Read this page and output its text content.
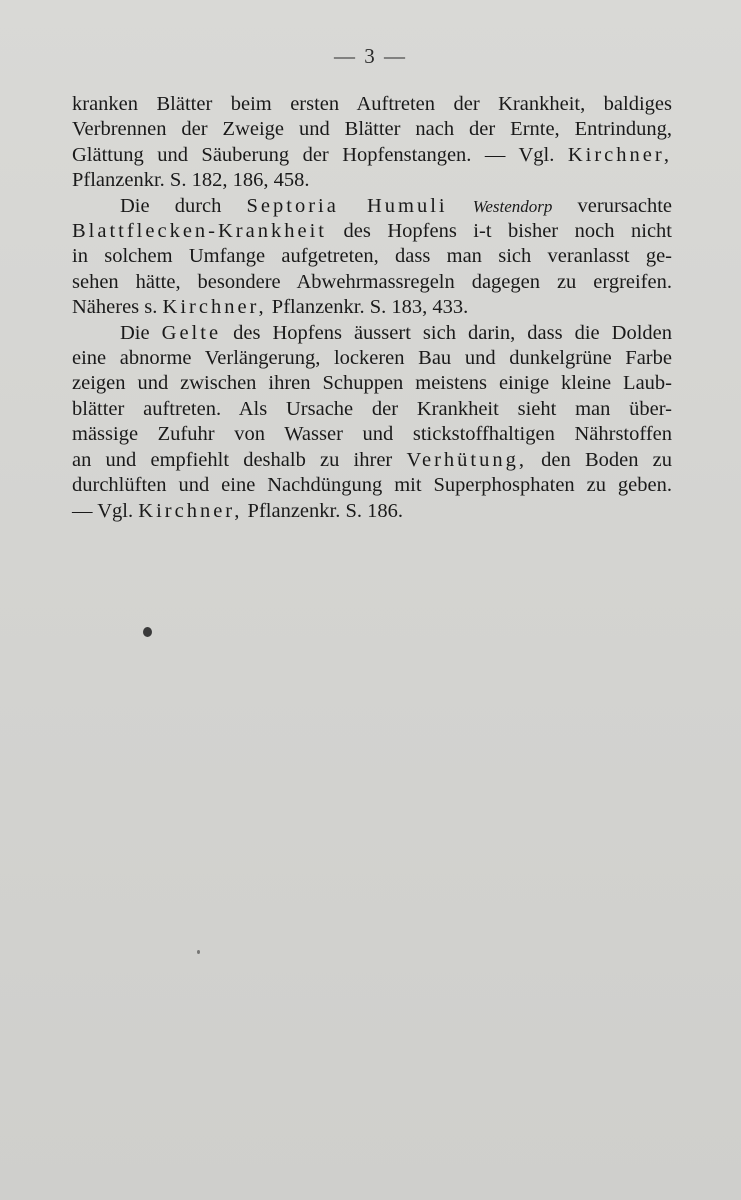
— 3 —
kranken Blätter beim ersten Auftreten der Krankheit, baldiges
Verbrennen der Zweige und Blätter nach der Ernte, Entrindung,
Glättung und Säuberung der Hopfenstangen. — Vgl. Kirchner,
Pflanzenkr. S. 182, 186, 458.
Die durch Septoria Humuli Westendorp verursachte
Blattflecken-Krankheit des Hopfens i-t bisher noch nicht
in solchem Umfange aufgetreten, dass man sich veranlasst ge-
sehen hätte, besondere Abwehrmassregeln dagegen zu ergreifen.
Näheres s. Kirchner, Pflanzenkr. S. 183, 433.
Die Gelte des Hopfens äussert sich darin, dass die Dolden
eine abnorme Verlängerung, lockeren Bau und dunkelgrüne Farbe
zeigen und zwischen ihren Schuppen meistens einige kleine Laub-
blätter auftreten. Als Ursache der Krankheit sieht man über-
mässige Zufuhr von Wasser und stickstoffhaltigen Nährstoffen
an und empfiehlt deshalb zu ihrer Verhütung, den Boden zu
durchlüften und eine Nachdüngung mit Superphosphaten zu geben.
— Vgl. Kirchner, Pflanzenkr. S. 186.
